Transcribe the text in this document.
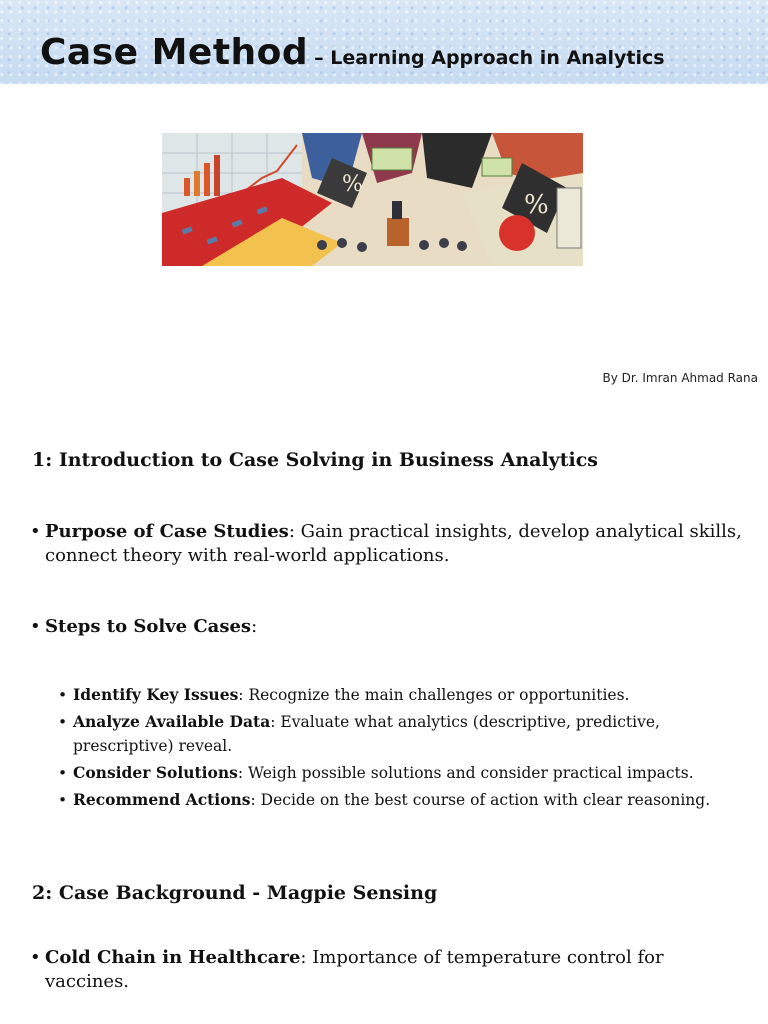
Case Method – Learning Approach in Analytics
%
%
By Dr. Imran Ahmad Rana
1: Introduction to Case Solving in Business Analytics
• Purpose of Case Studies: Gain practical insights, develop analytical skills, connect theory with real-world applications.
• Steps to Solve Cases:
• Identify Key Issues: Recognize the main challenges or opportunities.
• Analyze Available Data: Evaluate what analytics (descriptive, predictive, prescriptive) reveal.
• Consider Solutions: Weigh possible solutions and consider practical impacts.
• Recommend Actions: Decide on the best course of action with clear reasoning.
2: Case Background - Magpie Sensing
• Cold Chain in Healthcare: Importance of temperature control for vaccines.
